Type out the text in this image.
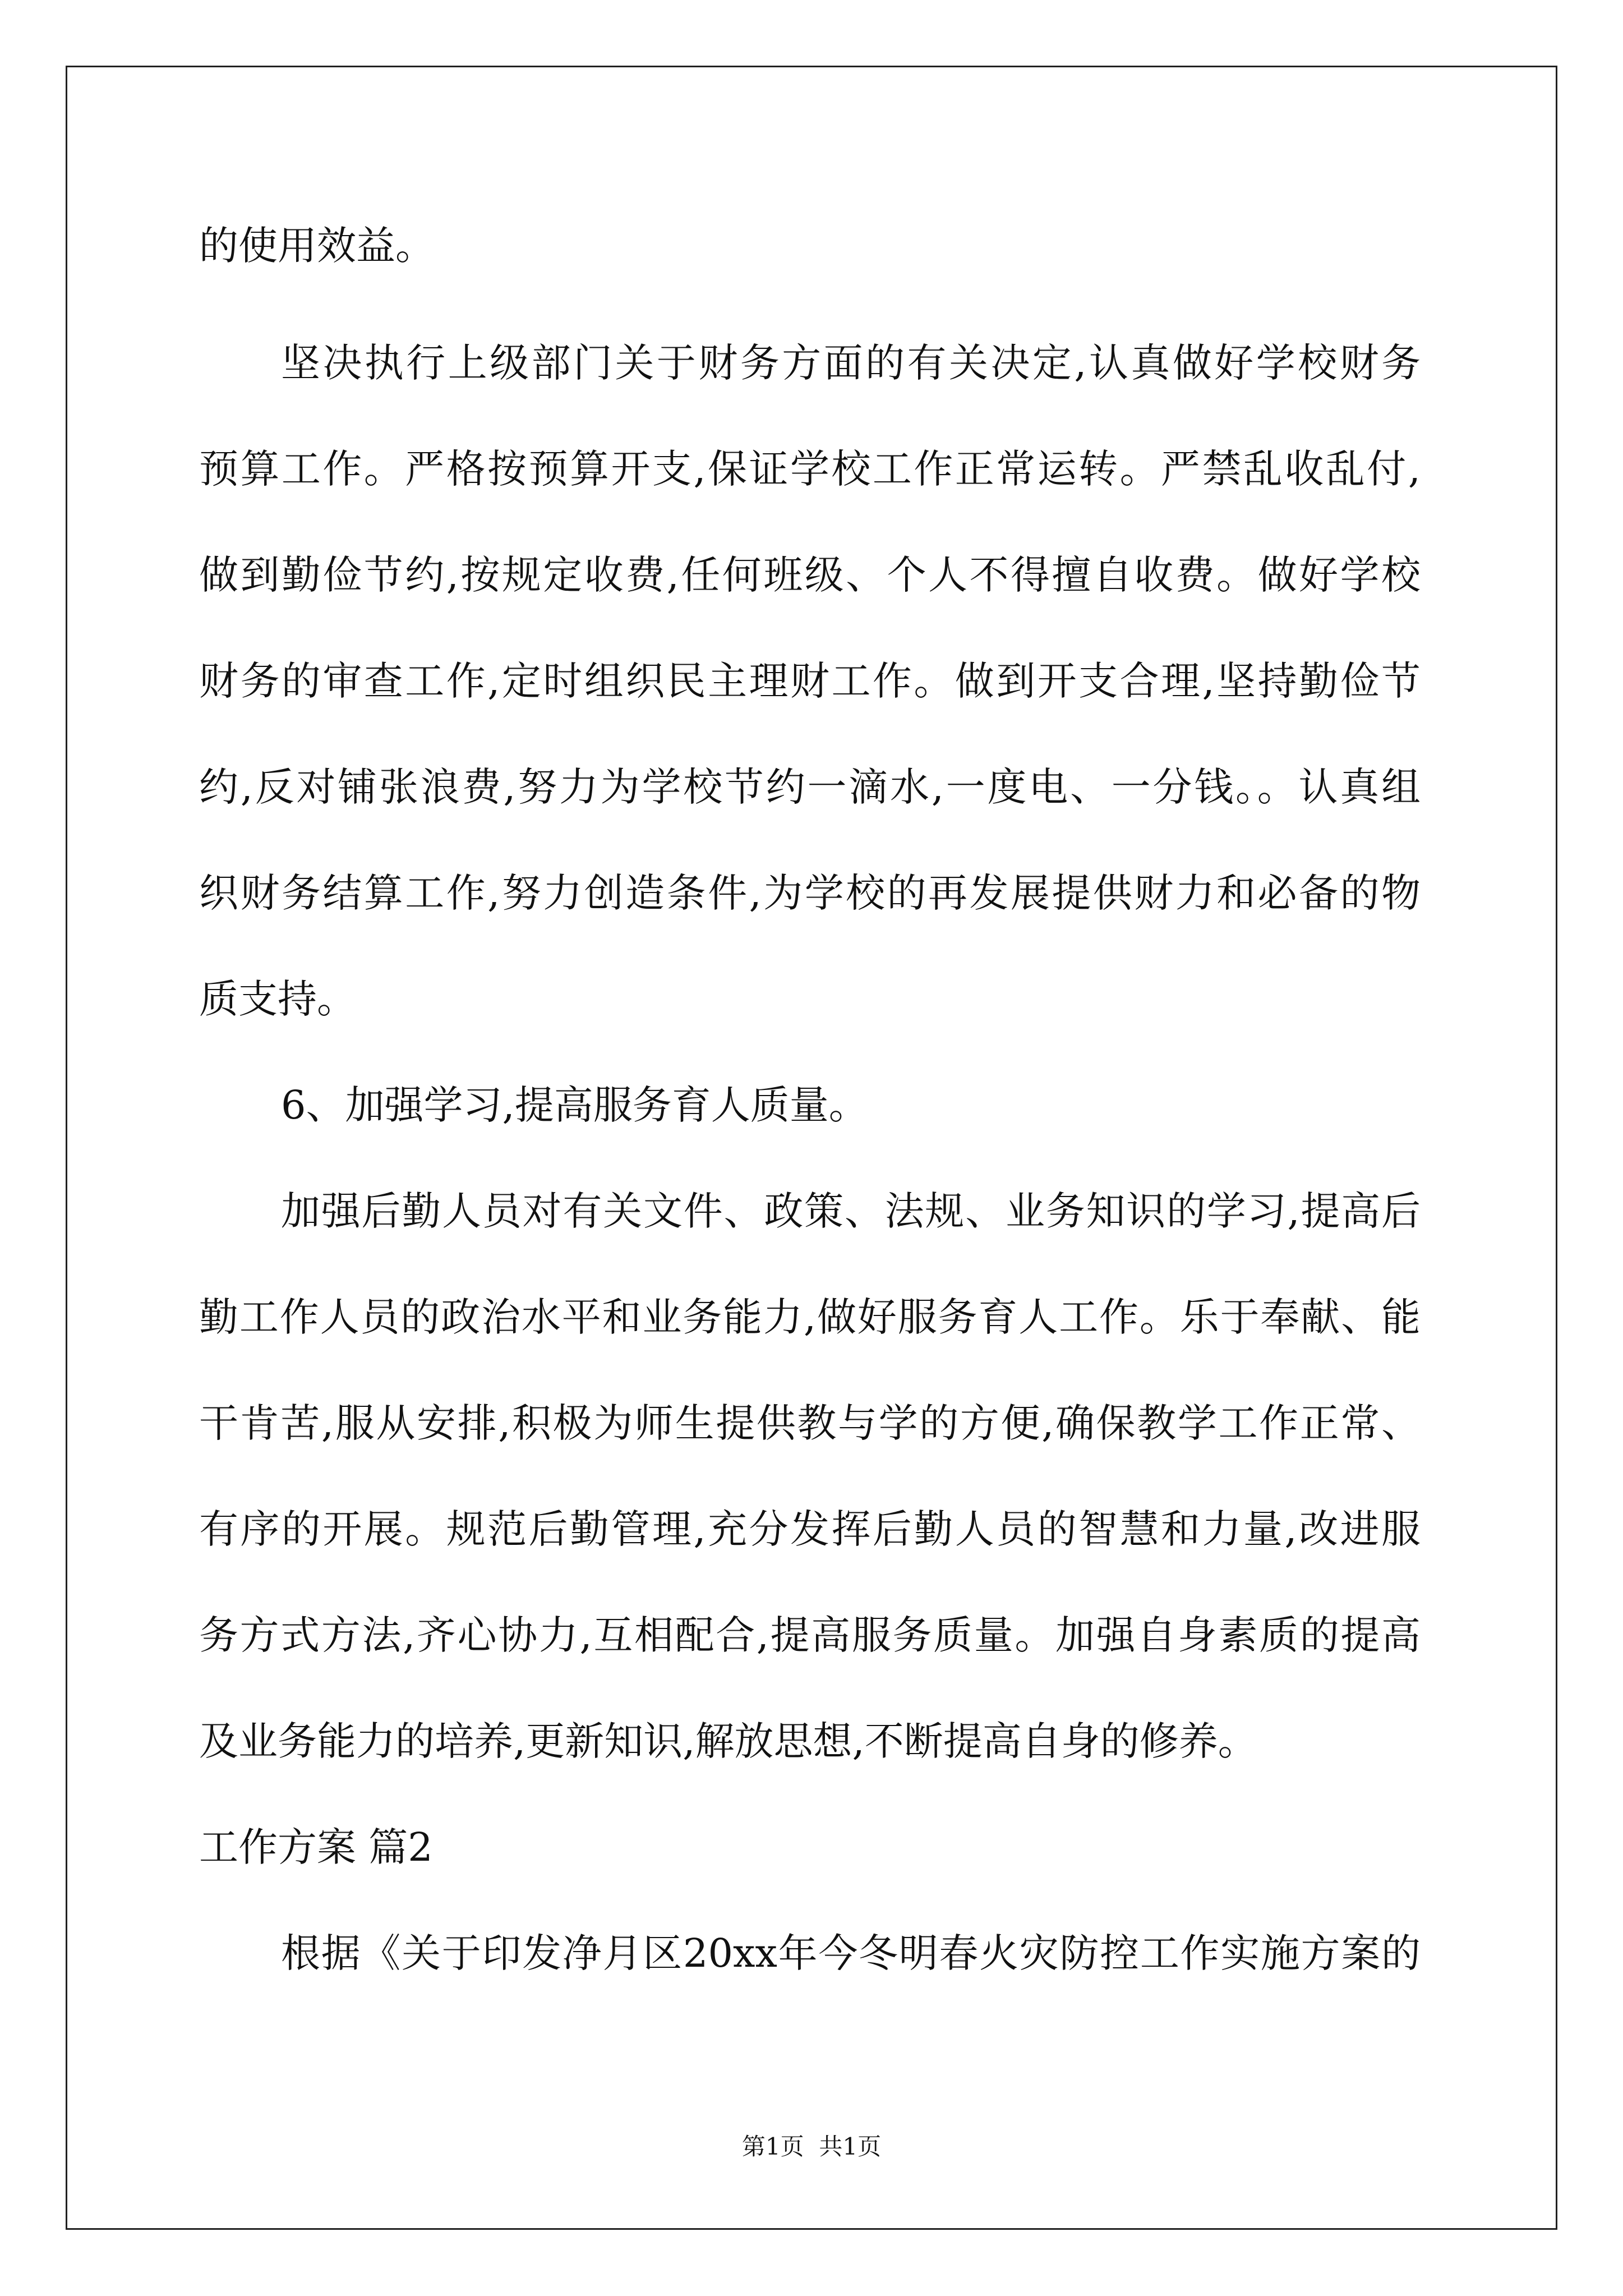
的使用效益。
坚决执行上级部门关于财务方面的有关决定,认真做好学校财务
预算工作。严格按预算开支,保证学校工作正常运转。严禁乱收乱付,
做到勤俭节约,按规定收费,任何班级、个人不得擅自收费。做好学校
财务的审查工作,定时组织民主理财工作。做到开支合理,坚持勤俭节
约,反对铺张浪费,努力为学校节约一滴水,一度电、一分钱。。认真组
织财务结算工作,努力创造条件,为学校的再发展提供财力和必备的物
质支持。
6、加强学习,提高服务育人质量。
加强后勤人员对有关文件、政策、法规、业务知识的学习,提高后
勤工作人员的政治水平和业务能力,做好服务育人工作。乐于奉献、能
干肯苦,服从安排,积极为师生提供教与学的方便,确保教学工作正常、
有序的开展。规范后勤管理,充分发挥后勤人员的智慧和力量,改进服
务方式方法,齐心协力,互相配合,提高服务质量。加强自身素质的提高
及业务能力的培养,更新知识,解放思想,不断提高自身的修养。
工作方案 篇2
根据《关于印发净月区20xx年今冬明春火灾防控工作实施方案的
第1页  共1页
